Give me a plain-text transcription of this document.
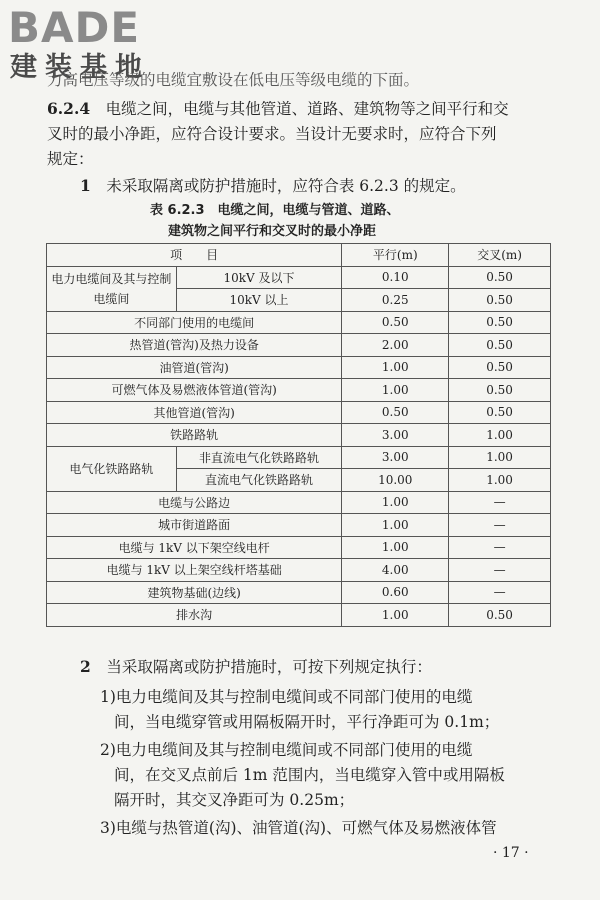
BADE
建装基地
力高电压等级的电缆宜敷设在低电压等级电缆的下面。
6.2.4　 电缆之间，电缆与其他管道、道路、建筑物等之间平行和交
叉时的最小净距，应符合设计要求。当设计无要求时，应符合下列
规定：
1　 未采取隔离或防护措施时，应符合表 6.2.3 的规定。
表 6.2.3　电缆之间，电缆与管道、道路、
建筑物之间平行和交叉时的最小净距
项　　目		平行(m)	交叉(m)
电力电缆间及其与控制电缆间	10kV 及以下	0.10	0.50
	10kV 以上	0.25	0.50
不同部门使用的电缆间		0.50	0.50
热管道(管沟)及热力设备		2.00	0.50
油管道(管沟)		1.00	0.50
可燃气体及易燃液体管道(管沟)		1.00	0.50
其他管道(管沟)		0.50	0.50
铁路路轨		3.00	1.00
电气化铁路路轨	非直流电气化铁路路轨	3.00	1.00
	直流电气化铁路路轨	10.00	1.00
电缆与公路边		1.00	—
城市街道路面		1.00	—
电缆与 1kV 以下架空线电杆		1.00	—
电缆与 1kV 以上架空线杆塔基础		4.00	—
建筑物基础(边线)		0.60	—
排水沟		1.00	0.50
2　 当采取隔离或防护措施时，可按下列规定执行：
1)电力电缆间及其与控制电缆间或不同部门使用的电缆
间，当电缆穿管或用隔板隔开时，平行净距可为 0.1m；
2)电力电缆间及其与控制电缆间或不同部门使用的电缆
间，在交叉点前后 1m 范围内，当电缆穿入管中或用隔板
隔开时，其交叉净距可为 0.25m；
3)电缆与热管道(沟)、油管道(沟)、可燃气体及易燃液体管
· 17 ·
